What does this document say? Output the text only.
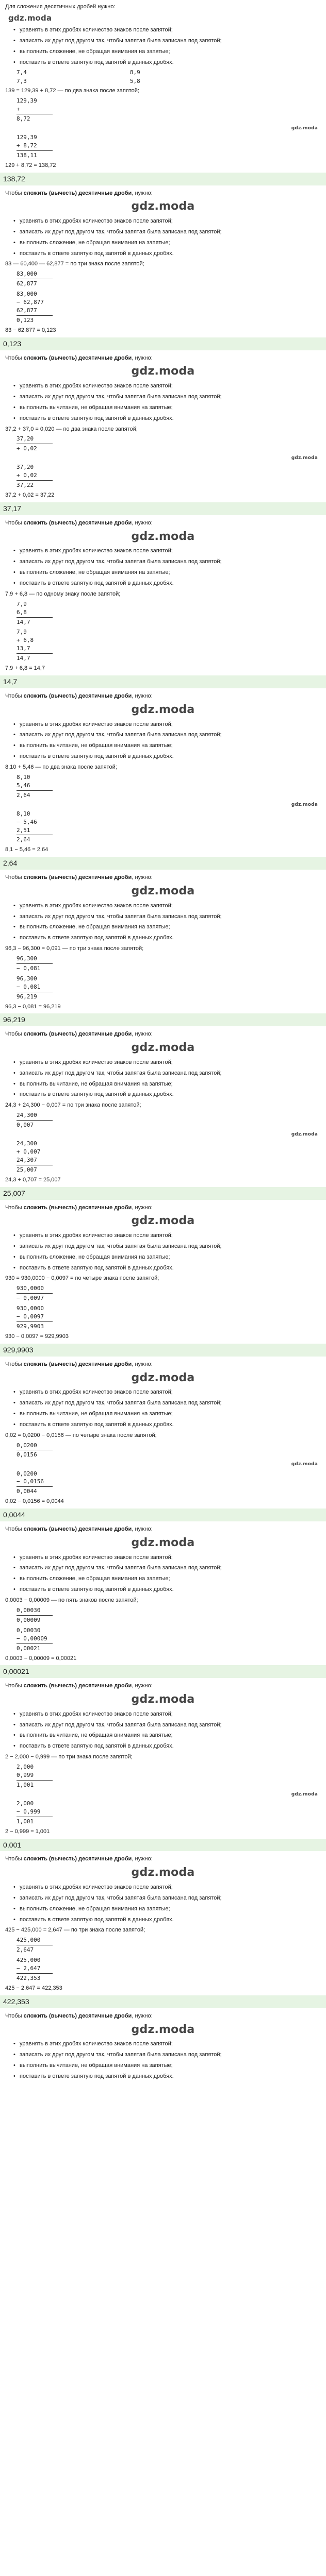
Для сложения десятичных дробей нужно:
gdz.moda
• уравнять в этих дробях количество знаков после запятой;
• записать их друг под другом так, чтобы запятая была записана под запятой;
• выполнить сложение, не обращая внимания на запятые;
• поставить в ответе запятую под запятой в данных дробях.
7,4	8,9
7,3	5,8
139 = 129,39 + 8,72 — по два знака после запятой;
129,39
+
8,72
gdz.moda
129,39
+ 8,72
138,11
129 + 8,72 = 138,72
138,72
Чтобы сложить (вычесть) десятичные дроби, нужно:
gdz.moda
• уравнять в этих дробях количество знаков после запятой;
• записать их друг под другом так, чтобы запятая была записана под запятой;
• выполнить сложение, не обращая внимания на запятые;
• поставить в ответе запятую под запятой в данных дробях.
83 — 60,400 — 62,877 = по три знака после запятой;
83,000
62,877
83,000
− 62,877
62,877
0,123
83 − 62,877 = 0,123
0,123
Чтобы сложить (вычесть) десятичные дроби, нужно:
gdz.moda
• уравнять в этих дробях количество знаков после запятой;
• записать их друг под другом так, чтобы запятая была записана под запятой;
• выполнить вычитание, не обращая внимания на запятые;
• поставить в ответе запятую под запятой в данных дробях.
37,2 + 37,0 = 0,020 — по два знака после запятой;
37,20
+ 0,02
gdz.moda
37,20
+ 0,02
37,22
37,2 + 0,02 = 37,22
37,17
Чтобы сложить (вычесть) десятичные дроби, нужно:
gdz.moda
• уравнять в этих дробях количество знаков после запятой;
• записать их друг под другом так, чтобы запятая была записана под запятой;
• выполнить сложение, не обращая внимания на запятые;
• поставить в ответе запятую под запятой в данных дробях.
7,9 + 6,8 — по одному знаку после запятой;
7,9
6,8
14,7
7,9
+ 6,8
13,7
14,7
7,9 + 6,8 = 14,7
14,7
Чтобы сложить (вычесть) десятичные дроби, нужно:
gdz.moda
• уравнять в этих дробях количество знаков после запятой;
• записать их друг под другом так, чтобы запятая была записана под запятой;
• выполнить вычитание, не обращая внимания на запятые;
• поставить в ответе запятую под запятой в данных дробях.
8,10 + 5,46 — по два знака после запятой;
8,10
5,46
2,64
gdz.moda
8,10
− 5,46
2,51
2,64
8,1 − 5,46 = 2,64
2,64
Чтобы сложить (вычесть) десятичные дроби, нужно:
gdz.moda
• уравнять в этих дробях количество знаков после запятой;
• записать их друг под другом так, чтобы запятая была записана под запятой;
• выполнить сложение, не обращая внимания на запятые;
• поставить в ответе запятую под запятой в данных дробях.
96,3 − 96,300 = 0,091 — по три знака после запятой;
96,300
− 0,081
96,300
− 0,081
96,219
96,3 − 0,081 = 96,219
96,219
Чтобы сложить (вычесть) десятичные дроби, нужно:
gdz.moda
• уравнять в этих дробях количество знаков после запятой;
• записать их друг под другом так, чтобы запятая была записана под запятой;
• выполнить вычитание, не обращая внимания на запятые;
• поставить в ответе запятую под запятой в данных дробях.
24,3 + 24,300 − 0,007 = по три знака после запятой;
24,300
0,007
gdz.moda
24,300
+ 0,007
24,307
25,007
24,3 + 0,707 = 25,007
25,007
Чтобы сложить (вычесть) десятичные дроби, нужно:
gdz.moda
• уравнять в этих дробях количество знаков после запятой;
• записать их друг под другом так, чтобы запятая была записана под запятой;
• выполнить сложение, не обращая внимания на запятые;
• поставить в ответе запятую под запятой в данных дробях.
930 = 930,0000 − 0,0097 = по четыре знака после запятой;
930,0000
− 0,0097
930,0000
− 0,0097
929,9903
930 − 0,0097 = 929,9903
929,9903
Чтобы сложить (вычесть) десятичные дроби, нужно:
gdz.moda
• уравнять в этих дробях количество знаков после запятой;
• записать их друг под другом так, чтобы запятая была записана под запятой;
• выполнить вычитание, не обращая внимания на запятые;
• поставить в ответе запятую под запятой в данных дробях.
0,02 = 0,0200 − 0,0156 — по четыре знака после запятой;
0,0200
0,0156
gdz.moda
0,0200
− 0,0156
0,0044
0,02 − 0,0156 = 0,0044
0,0044
Чтобы сложить (вычесть) десятичные дроби, нужно:
gdz.moda
• уравнять в этих дробях количество знаков после запятой;
• записать их друг под другом так, чтобы запятая была записана под запятой;
• выполнить сложение, не обращая внимания на запятые;
• поставить в ответе запятую под запятой в данных дробях.
0,0003 − 0,00009 — по пять знаков после запятой;
0,00030
0,00009
0,00030
− 0,00009
0,00021
0,0003 − 0,00009 = 0,00021
0,00021
Чтобы сложить (вычесть) десятичные дроби, нужно:
gdz.moda
• уравнять в этих дробях количество знаков после запятой;
• записать их друг под другом так, чтобы запятая была записана под запятой;
• выполнить вычитание, не обращая внимания на запятые;
• поставить в ответе запятую под запятой в данных дробях.
2 − 2,000 − 0,999 — по три знака после запятой;
2,000
0,999
1,001
gdz.moda
2,000
− 0,999
1,001
2 − 0,999 = 1,001
0,001
Чтобы сложить (вычесть) десятичные дроби, нужно:
gdz.moda
• уравнять в этих дробях количество знаков после запятой;
• записать их друг под другом так, чтобы запятая была записана под запятой;
• выполнить сложение, не обращая внимания на запятые;
• поставить в ответе запятую под запятой в данных дробях.
425 − 425,000 = 2,647 — по три знака после запятой;
425,000
2,647
425,000
− 2,647
422,353
425 − 2,647 = 422,353
422,353
Чтобы сложить (вычесть) десятичные дроби, нужно:
gdz.moda
• уравнять в этих дробях количество знаков после запятой;
• записать их друг под другом так, чтобы запятая была записана под запятой;
• выполнить вычитание, не обращая внимания на запятые;
• поставить в ответе запятую под запятой в данных дробях.
